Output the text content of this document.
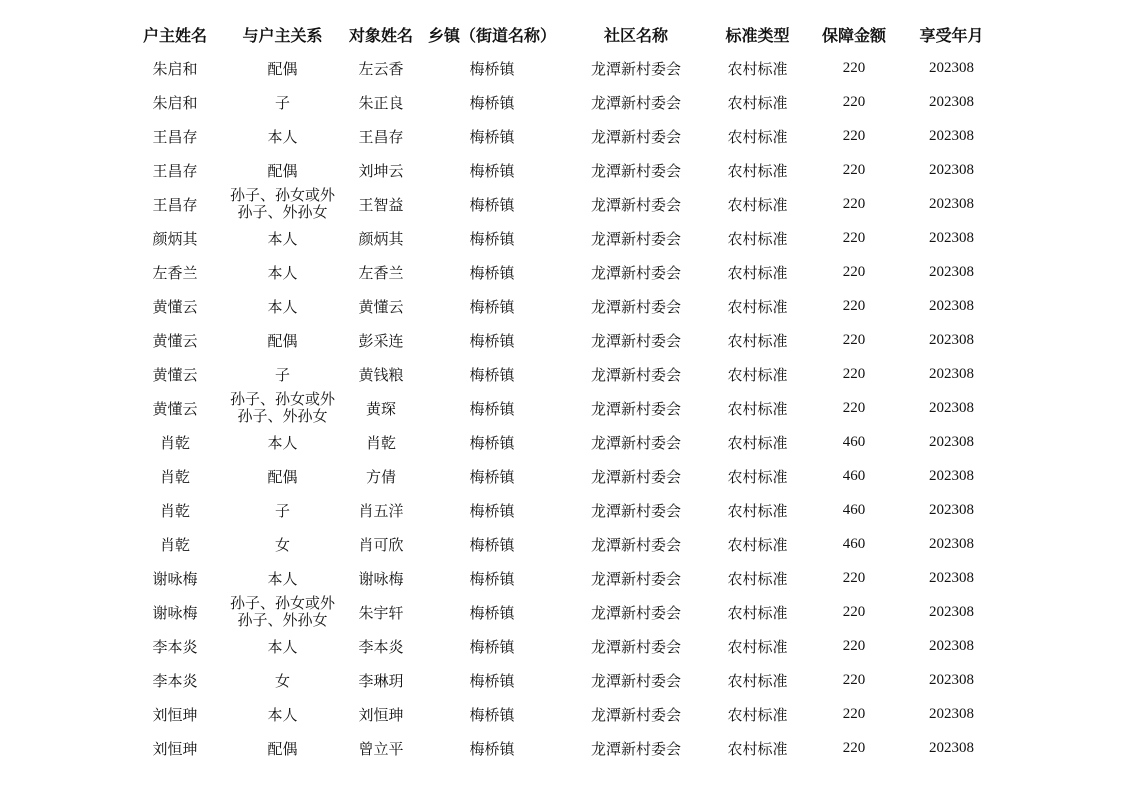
户主姓名	与户主关系	对象姓名	乡镇（街道名称）	社区名称	标准类型	保障金额	享受年月
朱启和	配偶	左云香	梅桥镇	龙潭新村委会	农村标准	220	202308
朱启和	子	朱正良	梅桥镇	龙潭新村委会	农村标准	220	202308
王昌存	本人	王昌存	梅桥镇	龙潭新村委会	农村标准	220	202308
王昌存	配偶	刘坤云	梅桥镇	龙潭新村委会	农村标准	220	202308
王昌存	孙子、孙女或外孙子、外孙女	王智益	梅桥镇	龙潭新村委会	农村标准	220	202308
颜炳其	本人	颜炳其	梅桥镇	龙潭新村委会	农村标准	220	202308
左香兰	本人	左香兰	梅桥镇	龙潭新村委会	农村标准	220	202308
黄懂云	本人	黄懂云	梅桥镇	龙潭新村委会	农村标准	220	202308
黄懂云	配偶	彭采连	梅桥镇	龙潭新村委会	农村标准	220	202308
黄懂云	子	黄钱粮	梅桥镇	龙潭新村委会	农村标准	220	202308
黄懂云	孙子、孙女或外孙子、外孙女	黄琛	梅桥镇	龙潭新村委会	农村标准	220	202308
肖乾	本人	肖乾	梅桥镇	龙潭新村委会	农村标准	460	202308
肖乾	配偶	方倩	梅桥镇	龙潭新村委会	农村标准	460	202308
肖乾	子	肖五洋	梅桥镇	龙潭新村委会	农村标准	460	202308
肖乾	女	肖可欣	梅桥镇	龙潭新村委会	农村标准	460	202308
谢咏梅	本人	谢咏梅	梅桥镇	龙潭新村委会	农村标准	220	202308
谢咏梅	孙子、孙女或外孙子、外孙女	朱宇轩	梅桥镇	龙潭新村委会	农村标准	220	202308
李本炎	本人	李本炎	梅桥镇	龙潭新村委会	农村标准	220	202308
李本炎	女	李琳玥	梅桥镇	龙潭新村委会	农村标准	220	202308
刘恒珅	本人	刘恒珅	梅桥镇	龙潭新村委会	农村标准	220	202308
刘恒珅	配偶	曾立平	梅桥镇	龙潭新村委会	农村标准	220	202308
